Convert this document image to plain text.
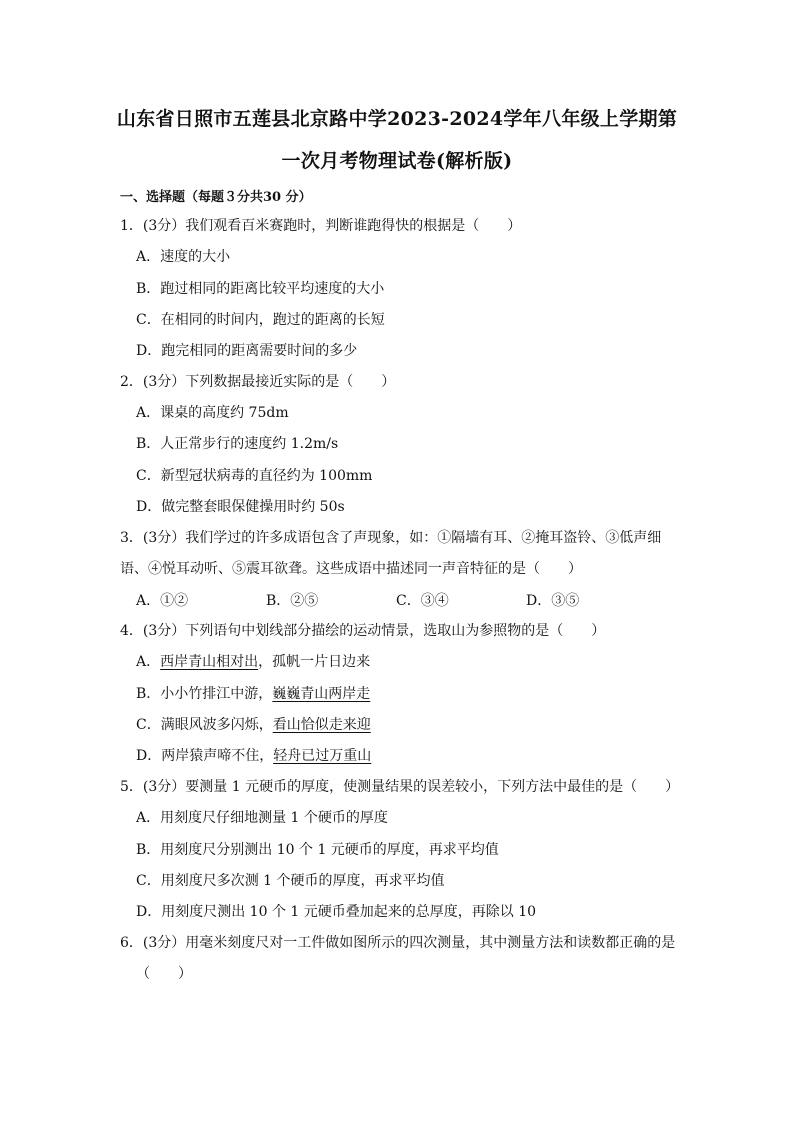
山东省日照市五莲县北京路中学2023-2024学年八年级上学期第
一次月考物理试卷(解析版)
一、选择题（每题３分共30 分）
1．(3分）我们观看百米赛跑时，判断谁跑得快的根据是（　　）
A．速度的大小
B．跑过相同的距离比较平均速度的大小
C．在相同的时间内，跑过的距离的长短
D．跑完相同的距离需要时间的多少
2．(3分）下列数据最接近实际的是（　　）
A．课桌的高度约 75dm
B．人正常步行的速度约 1.2m/s
C．新型冠状病毒的直径约为 100mm
D．做完整套眼保健操用时约 50s
3．(3分）我们学过的许多成语包含了声现象，如：①隔墙有耳、②掩耳盗铃、③低声细
语、④悦耳动听、⑤震耳欲聋。这些成语中描述同一声音特征的是（　　）
A．①②	B．②⑤	C．③④	D．③⑤
4．(3分）下列语句中划线部分描绘的运动情景，选取山为参照物的是（　　）
A．西岸青山相对出，孤帆一片日边来
B．小小竹排江中游，巍巍青山两岸走
C．满眼风波多闪烁，看山恰似走来迎
D．两岸猿声啼不住，轻舟已过万重山
5．(3分）要测量 1 元硬币的厚度，使测量结果的误差较小，下列方法中最佳的是（　　）
A．用刻度尺仔细地测量 1 个硬币的厚度
B．用刻度尺分别测出 10 个 1 元硬币的厚度，再求平均值
C．用刻度尺多次测 1 个硬币的厚度，再求平均值
D．用刻度尺测出 10 个 1 元硬币叠加起来的总厚度，再除以 10
6．(3分）用毫米刻度尺对一工件做如图所示的四次测量，其中测量方法和读数都正确的是
（　　）
